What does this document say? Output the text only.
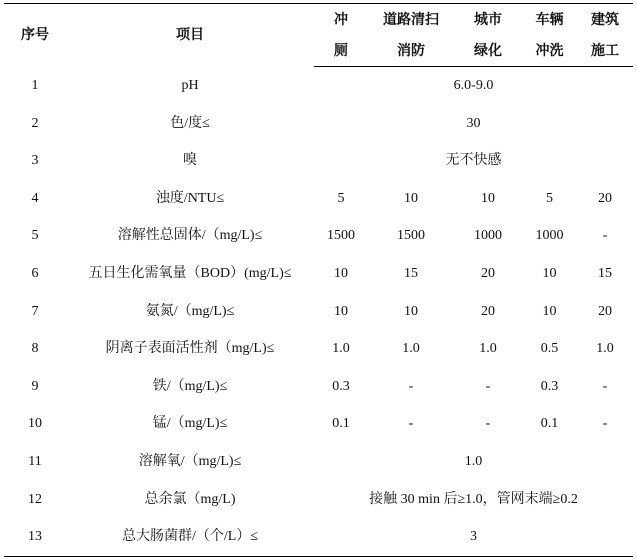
序号	项目	冲	道路清扫	城市	车辆	建筑
		厕	消防	绿化	冲洗	施工
1	pH	6.0-9.0				
2	色/度≤	30				
3	嗅	无不快感				
4	浊度/NTU≤	5	10	10	5	20
5	溶解性总固体/（mg/L)≤	1500	1500	1000	1000	-
6	五日生化需氧量（BOD）(mg/L)≤	10	15	20	10	15
7	氨氮/（mg/L)≤	10	10	20	10	20
8	阴离子表面活性剂（mg/L)≤	1.0	1.0	1.0	0.5	1.0
9	铁/（mg/L)≤	0.3	-	-	0.3	-
10	锰/（mg/L)≤	0.1	-	-	0.1	-
11	溶解氧/（mg/L)≤	1.0				
12	总余氯（mg/L)	接触 30 min 后≥1.0，管网末端≥0.2				
13	总大肠菌群/（个/L）≤	3				
